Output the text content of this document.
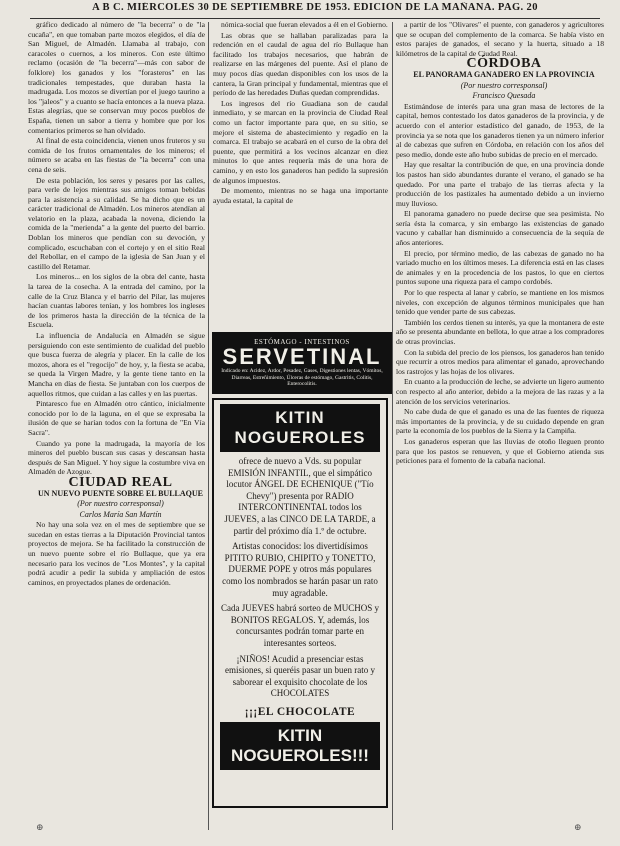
A B C. MIÉRCOLES 30 DE SEPTIEMBRE DE 1953. EDICIÓN DE LA MAÑANA. PAG. 20

gráfico dedicado al número de "la becerra" o de "la cucaña", en que tomaban parte mozos elegidos, el día de San Miguel, de Almadén. Llamaba al trabajo, con caracoles o cuernos, a los mineros. Con este último reclamo (ocasión de "la becerra"—más con sabor de folklore) los ganados y los "forasteros" en las tradicionales tempestades, que duraban hasta la madrugada. Los mozos se divertían por el juego taurino a los "jaleos" y a cuanto se hacía entonces a la nueva plaza. Estas alegrías, que se conservan muy pocos pueblos de España, tienen un sabor a tierra y hombre que por los comentarios primeros se han olvidado.

Al final de esta coincidencia, vienen unos fruteros y su comida de los frutos ornamentales de los mineros; el número se acaba en las fiestas de "la becerra" con una cena de seis.

De esta población, los seres y pesares por las calles, para verle de lejos mientras sus amigos toman bebidas para la asistencia a su calidad. Se ha dicho que es un carácter tradicional de Almadén. Los mineros atendían al velatorio en la plaza, acabada la novena, diciendo la comida de la "merienda" a la gente del puerto del barrio. Doblan los mineros que pendían con su devoción, y complicado, escuchaban con el cortejo y en el sitio Real del Rebollar, en el campo de la iglesia de San Juan y el castillo del Retamar.

Los mineros... en los siglos de la obra del cante, hasta la tarea de la cosecha. A la entrada del camino, por la calle de la Cruz Blanca y el barrio del Pilar, las mujeres hacían cuantas labores tenían, y los hombres los ingleses de los primeros hasta la dirección de la técnica de la Escuela.

La influencia de Andalucía en Almadén se sigue persiguiendo con este sentimiento de cualidad del pueblo que busca fuerza de alegría y placer. En la calle de los mozos, ahora es el "regocijo" de hoy, y, la fiesta se acaba, se queda la Virgen Madre, y la gente tiene tanto en la Mancha en días de fiesta. Se juntaban con los cuerpos de aquellos ritmos, que cuidan a las calles y en las puertas.

Pintaresco fue en Almadén otro cántico, inicialmente conocido por lo de la laguna, en el que se expresaba la ilusión de que se harían todos con la fortuna de "En Vía Sacra".

Cuando ya pone la madrugada, la mayoría de los mineros del pueblo buscan sus casas y descansan hasta después de San Miguel. Y hoy sigue la costumbre viva en Almadén de Azogue.

CIUDAD REAL

UN NUEVO PUENTE SOBRE EL BULLAQUE

(Por nuestro corresponsal)

Carlos María San Martín

No hay una sola vez en el mes de septiembre que se sucedan en estas tierras a la Diputación Provincial tantos proyectos de mejora. Se ha facilitado la construcción de un nuevo puente sobre el río Bullaque, que ya era necesario para los vecinos de "Los Montes", y la capital podrá acudir a pedir la subida y ampliación de estos caminos, en proyectados planes de ordenación.

nómica-social que fueran elevados a él en el Gobierno.

Las obras que se hallaban paralizadas para la redención en el caudal de agua del río Bullaque han facilitado los trabajos necesarios, que habrán de realizarse en las márgenes del puente. Así el plano de muy pocos días quedan disponibles con los usos de la cantera, la Gran principal y fundamental, mientras que el período de las heredades Duñas quedan comprendidas.

Los ingresos del río Guadiana son de caudal inmediato, y se marcan en la provincia de Ciudad Real como un factor importante para que, en su sitio, se mejore el sistema de abastecimiento y regadío en la comarca. El trabajo se acabará en el curso de la obra del puente, que permitirá a los vecinos alcanzar en diez minutos lo que antes requería más de una hora de camino, y en esto los ganaderos han pedido la supresión de algunos impuestos.

De momento, mientras no se haga una importante ayuda estatal, la capital de

ESTÓMAGO - INTESTINOS
SERVETINAL
Indicado en: Acidez, Ardor, Pesadez, Gases, Digestiones lentas, Vómitos, Diarreas, Estreñimiento, Úlceras de estómago, Gastritis, Colitis, Enterocolitis.
KITIN NOGUEROLES

ofrece de nuevo a Vds. su popular EMISIÓN INFANTIL, que el simpático locutor ÁNGEL DE ECHENIQUE ("Tío Chevy") presenta por RADIO INTERCONTINENTAL todos los JUEVES, a las CINCO DE LA TARDE, a partir del próximo día 1.º de octubre.

Artistas conocidos: los divertidísimos PITITO RUBIO, CHIPITO y TONETTO, DUERME POPE y otros más populares como los nombrados se harán pasar un rato muy agradable.

Cada JUEVES habrá sorteo de MUCHOS y BONITOS REGALOS. Y, además, los concursantes podrán tomar parte en interesantes sorteos.

¡NIÑOS! Acudid a presenciar estas emisiones, si queréis pasar un buen rato y saborear el exquisito chocolate de los CHOCOLATES

¡¡¡EL CHOCOLATE
KITIN NOGUEROLES!!!

a partir de los "Olivares" el puente, con ganaderos y agricultores que se ocupan del complemento de la comarca. Se había visto en estos parajes de ganados, el secano y la huerta, situado a 18 kilómetros de la capital de Ciudad Real.

CÓRDOBA

EL PANORAMA GANADERO EN LA PROVINCIA

(Por nuestro corresponsal)

Francisco Quesada

Estimándose de interés para una gran masa de lectores de la capital, hemos contestado los datos ganaderos de la provincia, y de acuerdo con el anterior estadístico del ganado, de 1953, de la provincia ya se nota que los ganaderos tienen ya un número inferior al de cabezas que sufren en Córdoba, en relación con los años del peso medio, donde este año hubo subidas de precio en el mercado.

Hay que resaltar la contribución de que, en una provincia donde los pastos han sido abundantes durante el verano, el ganado se ha quedado. Por una parte el trabajo de las tierras afecta y la producción de los pastizales ha aumentado debido a un invierno muy lluvioso.

El panorama ganadero no puede decirse que sea pesimista. No sería ésta la comarca, y sin embargo las existencias de ganado vacuno y caballar han disminuido a consecuencia de la sequía de años anteriores.

El precio, por término medio, de las cabezas de ganado no ha variado mucho en los últimos meses. La diferencia está en las clases de animales y en la procedencia de los pastos, lo que en ciertos puntos supone una riqueza para el campo cordobés.

Por lo que respecta al lanar y cabrío, se mantiene en los mismos niveles, con excepción de algunos términos municipales que han tenido que vender parte de sus cabezas.

También los cerdos tienen su interés, ya que la montanera de este año se presenta abundante en bellota, lo que atrae a los compradores de otras provincias.

Con la subida del precio de los piensos, los ganaderos han tenido que recurrir a otros medios para alimentar el ganado, aprovechando los rastrojos y las hojas de los olivares.

En cuanto a la producción de leche, se advierte un ligero aumento con respecto al año anterior, debido a la mejora de las razas y a la atención de los servicios veterinarios.

No cabe duda de que el ganado es una de las fuentes de riqueza más importantes de la provincia, y de su cuidado depende en gran parte la economía de los pueblos de la Sierra y la Campiña.

Los ganaderos esperan que las lluvias de otoño lleguen pronto para que los pastos se renueven, y que el Gobierno atienda sus peticiones para el fomento de la cabaña nacional.

⊕	⊕
